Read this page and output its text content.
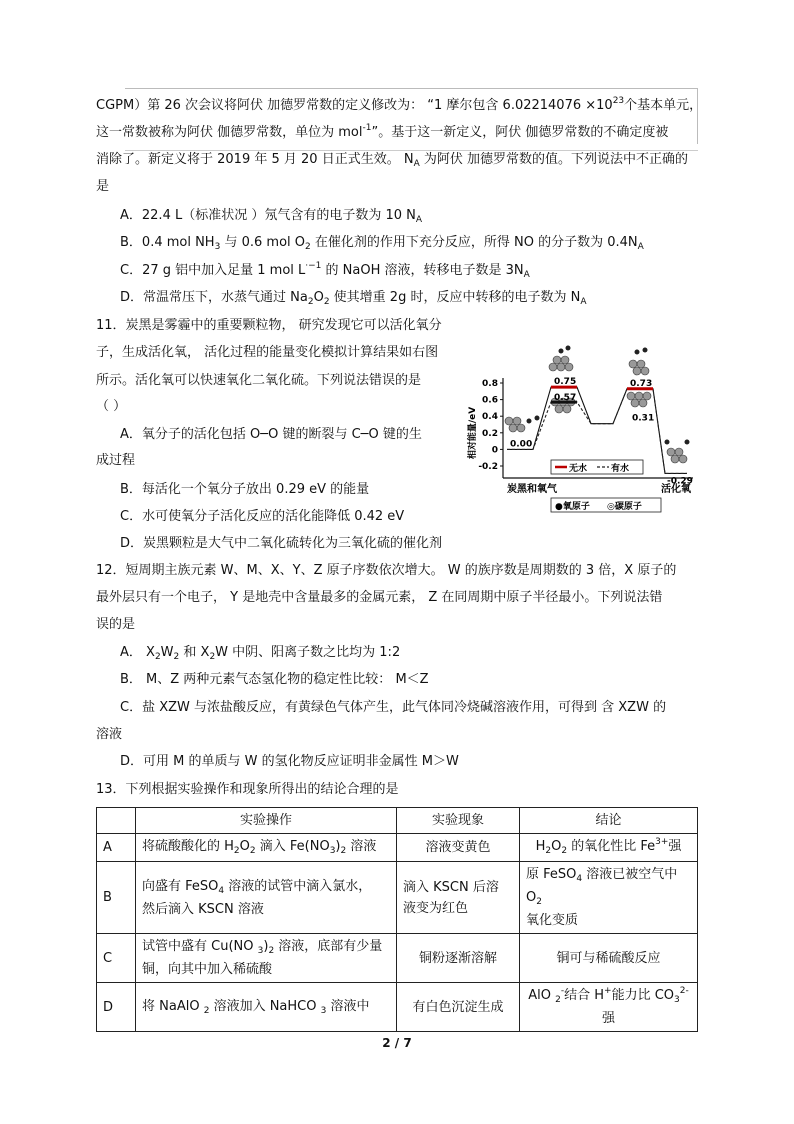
CGPM）第 26 次会议将阿伏 加德罗常数的定义修改为： “1 摩尔包含 $6.02214076 \times 10^{23}$个基本单元，
这一常数被称为阿伏 伽德罗常数，单位为 mol$^{-1}$”。基于这一新定义，阿伏 伽德罗常数的不确定度被
消除了。新定义将于 2019 年 5 月 20 日正式生效。 $N_A$ 为阿伏 加德罗常数的值。下列说法中不正确的
是
A．22.4 L（标准状况 ）氖气含有的电子数为 10 $N_A$
B．0.4 mol $NH_3$ 与 0.6 mol $O_2$ 在催化剂的作用下充分反应，所得 NO 的分子数为 $0.4N_A$
C．27 g 铝中加入足量 1 mol $L^{\cdot-1}$ 的 NaOH 溶液，转移电子数是 $3N_A$
D．常温常压下，水蒸气通过 $Na_2O_2$ 使其增重 2g 时，反应中转移的电子数为 $N_A$
11．炭黑是雾霾中的重要颗粒物， 研究发现它可以活化氧分
子，生成活化氧， 活化过程的能量变化模拟计算结果如右图
所示。活化氧可以快速氧化二氧化硫。下列说法错误的是
（ ）
A．氧分子的活化包括 O─O 键的断裂与 C─O 键的生
成过程
B．每活化一个氧分子放出 0.29 eV 的能量
C．水可使氧分子活化反应的活化能降低 0.42 eV
D．炭黑颗粒是大气中二氧化硫转化为三氧化硫的催化剂
相对能量/eV
0.8
0.6
0.4
0.2
0
-0.2
0.00
0.75
0.57
0.73
0.31
-0.29
无水	有水
炭黑和氧气	活化氧
●氧原子 ◎碳原子
12．短周期主族元素 W、M、X、Y、Z 原子序数依次增大。 W 的族序数是周期数的 3 倍，X 原子的
最外层只有一个电子， Y 是地壳中含量最多的金属元素， Z 在同周期中原子半径最小。下列说法错
误的是
A． $X_2W_2$ 和 $X_2W$ 中阴、阳离子数之比均为 1:2
B． M、Z 两种元素气态氢化物的稳定性比较： M＜Z
C．盐 XZW 与浓盐酸反应，有黄绿色气体产生，此气体同冷烧碱溶液作用，可得到 含 XZW 的
溶液
D．可用 M 的单质与 W 的氢化物反应证明非金属性 M＞W
13．下列根据实验操作和现象所得出的结论合理的是
	实验操作	实验现象	结论
A	将硫酸酸化的 $H_2O_2$ 滴入 $Fe(NO_3)_2$ 溶液	溶液变黄色	$H_2O_2$ 的氧化性比 $Fe^{3+}$强
B	向盛有 FeSO$_4$ 溶液的试管中滴入氯水，
然后滴入 KSCN 溶液	滴入 KSCN 后溶
液变为红色	原 FeSO$_4$ 溶液已被空气中 $O_2$
氧化变质
C	试管中盛有 Cu(NO $_3)_2$ 溶液，底部有少量
铜，向其中加入稀硫酸	铜粉逐渐溶解	铜可与稀硫酸反应
D	将 NaAlO $_2$ 溶液加入 NaHCO $_3$ 溶液中	有白色沉淀生成	AlO $_2$-结合 H+能力比 $CO_3^{2-}$强
2 / 7
